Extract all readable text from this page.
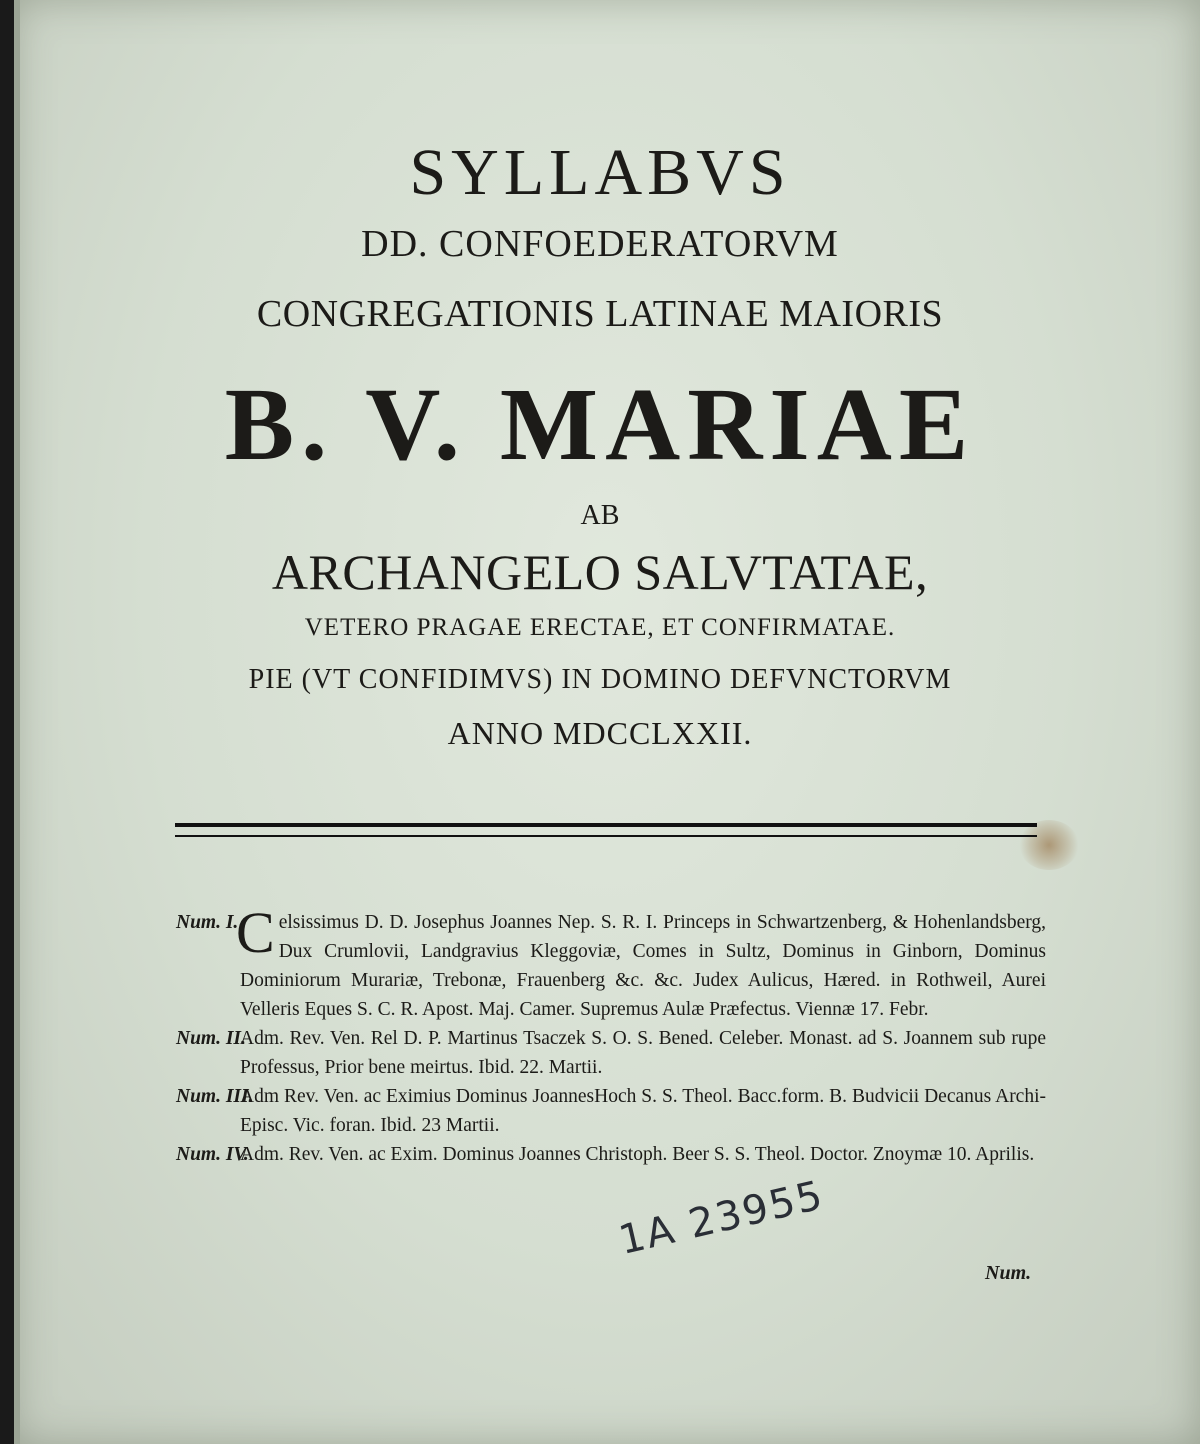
SYLLABVS
DD. CONFOEDERATORVM
CONGREGATIONIS LATINAE MAIORIS
B. V. MARIAE
AB
ARCHANGELO SALVTATAE,
VETERO PRAGAE ERECTAE, ET CONFIRMATAE.
PIE (VT CONFIDIMVS) IN DOMINO DEFVNCTORVM
ANNO MDCCLXXII.
Num. I.
Celsissimus D. D. Josephus Joannes Nep. S. R. I. Princeps in Schwartzenberg, & Hohenlandsberg, Dux Crumlovii, Landgravius Kleggoviæ, Comes in Sultz, Dominus in Ginborn, Dominus Dominiorum Murariæ, Trebonæ, Frauenberg &c. &c. Judex Aulicus, Hæred. in Rothweil, Aurei Velleris Eques S. C. R. Apost. Maj. Camer. Supremus Aulæ Præfectus. Viennæ 17. Febr.
Num. II.
Adm. Rev. Ven. Rel D. P. Martinus Tsaczek S. O. S. Bened. Celeber. Monast. ad S. Joannem sub rupe Professus, Prior bene meirtus. Ibid. 22. Martii.
Num. III.
Adm Rev. Ven. ac Eximius Dominus JoannesHoch S. S. Theol. Bacc.form. B. Budvicii Decanus Archi-Episc. Vic. foran. Ibid. 23 Martii.
Num. IV.
Adm. Rev. Ven. ac Exim. Dominus Joannes Christoph. Beer S. S. Theol. Doctor. Znoymæ 10. Aprilis.
1A 23955
Num.
